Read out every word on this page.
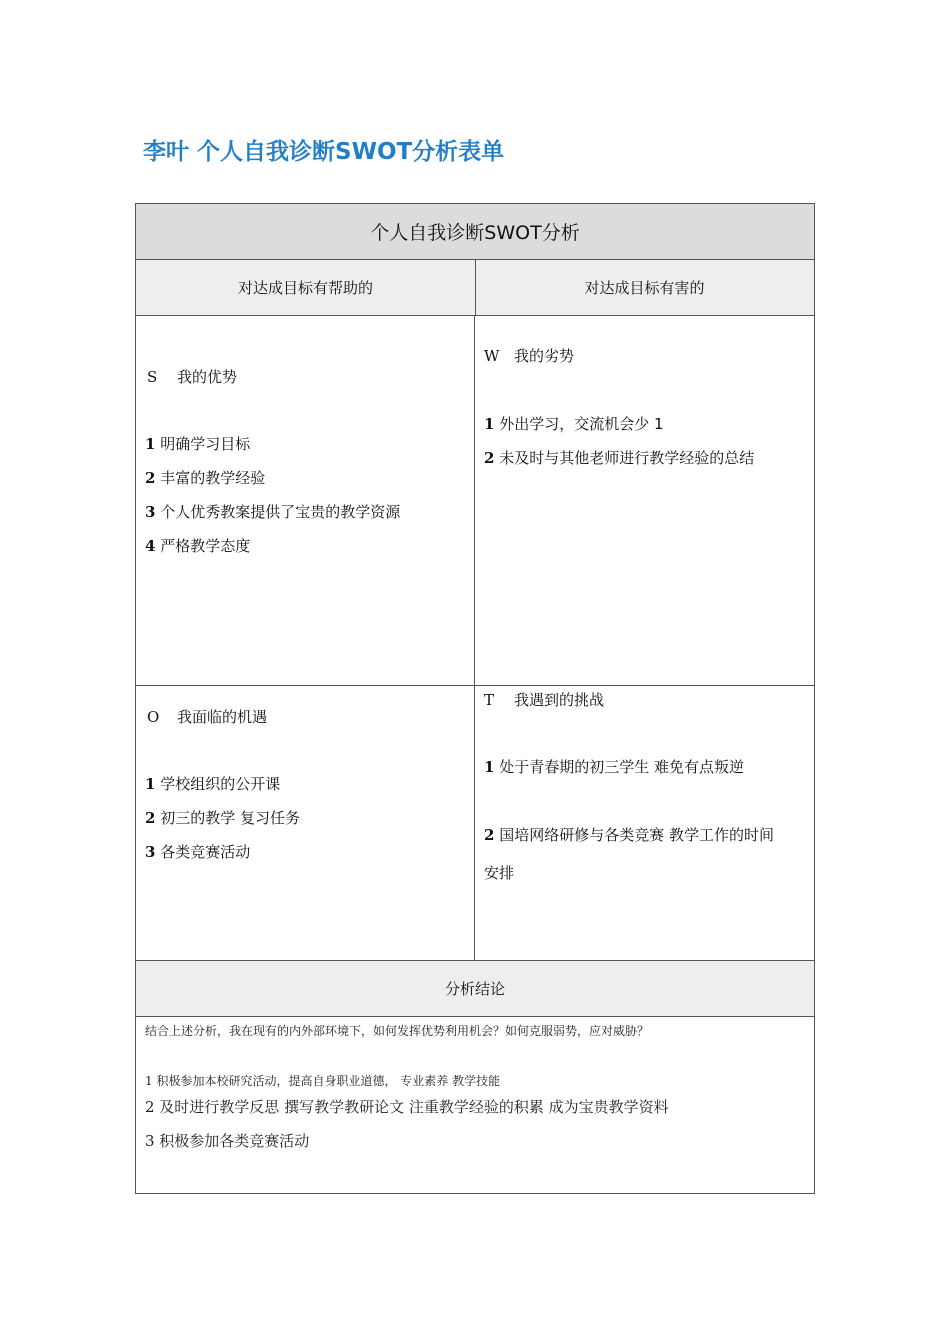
李叶 个人自我诊断SWOT分析表单
个人自我诊断SWOT分析
对达成目标有帮助的	对达成目标有害的
S 我的优势
1 明确学习目标
2 丰富的教学经验
3 个人优秀教案提供了宝贵的教学资源
4 严格教学态度
W 我的劣势
1 外出学习，交流机会少 1
2 未及时与其他老师进行教学经验的总结
O 我面临的机遇
1 学校组织的公开课
2 初三的教学 复习任务
3 各类竞赛活动
T 我遇到的挑战
1 处于青春期的初三学生 难免有点叛逆
2 国培网络研修与各类竞赛 教学工作的时间
安排
分析结论
结合上述分析，我在现有的内外部环境下，如何发挥优势利用机会？如何克服弱势，应对威胁？
1 积极参加本校研究活动，提高自身职业道德， 专业素养 教学技能
2 及时进行教学反思 撰写教学教研论文 注重教学经验的积累 成为宝贵教学资料
3 积极参加各类竞赛活动
